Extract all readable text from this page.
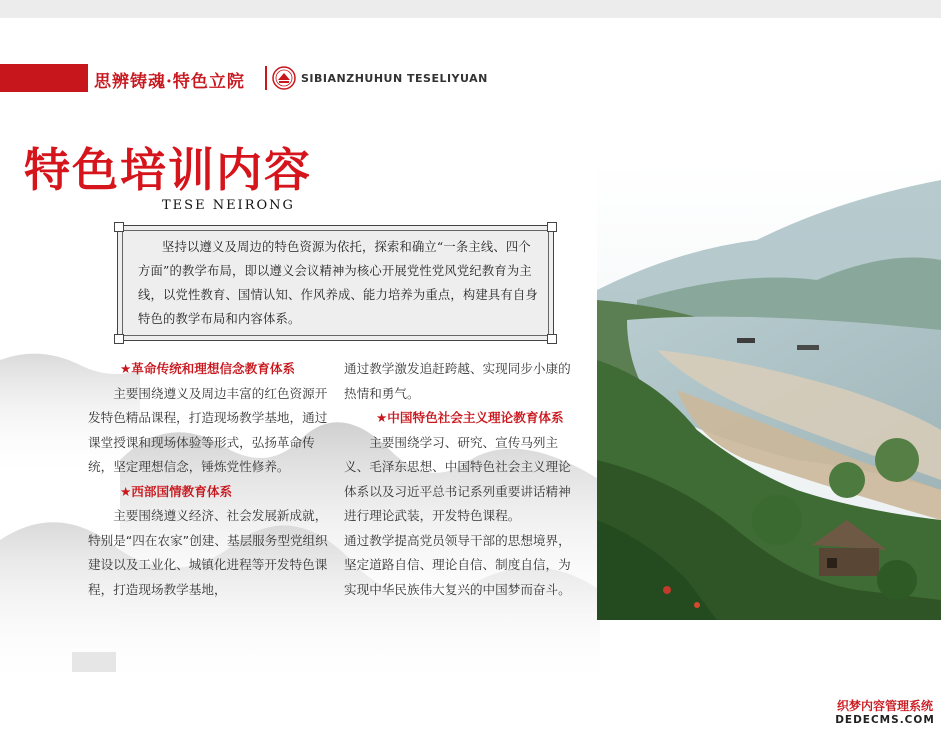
思辨铸魂·特色立院	SIBIANZHUHUN TESELIYUAN
特色培训内容
TESE NEIRONG
坚持以遵义及周边的特色资源为依托，探索和确立“一条主线、四个方面”的教学布局，即以遵义会议精神为核心开展党性党风党纪教育为主线，以党性教育、国情认知、作风养成、能力培养为重点，构建具有自身特色的教学布局和内容体系。
★革命传统和理想信念教育体系
主要围绕遵义及周边丰富的红色资源开发特色精品课程，打造现场教学基地，通过课堂授课和现场体验等形式，弘扬革命传统，坚定理想信念，锤炼党性修养。
★西部国情教育体系
主要围绕遵义经济、社会发展新成就，特别是“四在农家”创建、基层服务型党组织建设以及工业化、城镇化进程等开发特色课程，打造现场教学基地，
通过教学激发追赶跨越、实现同步小康的热情和勇气。
★中国特色社会主义理论教育体系
主要围绕学习、研究、宣传马列主义、毛泽东思想、中国特色社会主义理论体系以及习近平总书记系列重要讲话精神进行理论武装，开发特色课程。
通过教学提高党员领导干部的思想境界，坚定道路自信、理论自信、制度自信，为实现中华民族伟大复兴的中国梦而奋斗。
织梦内容管理系统
DEDECMS.COM
